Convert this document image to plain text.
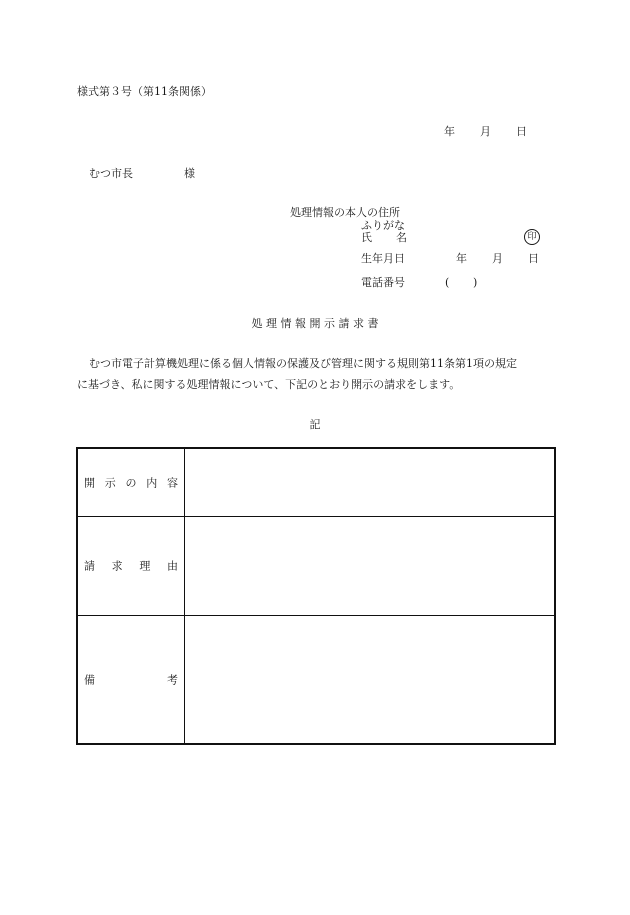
様式第３号（第11条関係）
年 月 日
むつ市長	様
処理情報の本人の住所
ふりがな
氏 名	印
生年月日	年 月 日
電話番号	( )
処 理 情 報 開 示 請 求 書
むつ市電子計算機処理に係る個人情報の保護及び管理に関する規則第11条第1項の規定
に基づき、私に関する処理情報について、下記のとおり開示の請求をします。
記
開 示 の 内 容
請 求 理 由
備	考
